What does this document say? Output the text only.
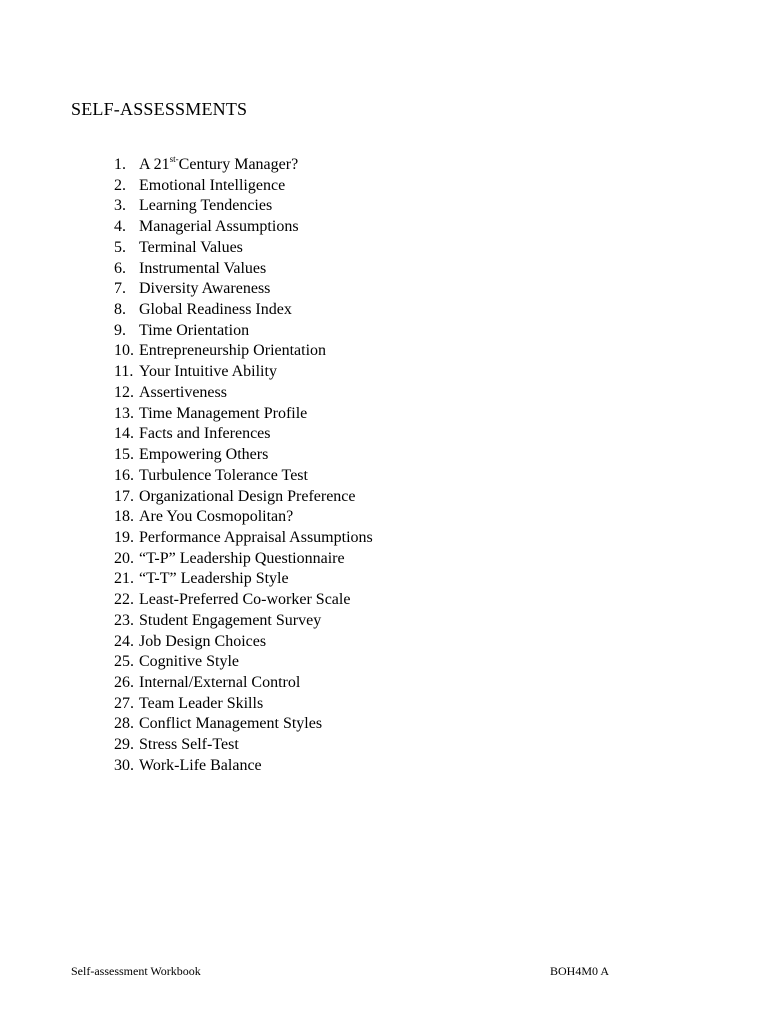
SELF-ASSESSMENTS
1. A $21^{st-}Century$ Manager?
2. Emotional Intelligence
3. Learning Tendencies
4. Managerial Assumptions
5. Terminal Values
6. Instrumental Values
7. Diversity Awareness
8. Global Readiness Index
9. Time Orientation
10. Entrepreneurship Orientation
11. Your Intuitive Ability
12. Assertiveness
13. Time Management Profile
14. Facts and Inferences
15. Empowering Others
16. Turbulence Tolerance Test
17. Organizational Design Preference
18. Are You Cosmopolitan?
19. Performance Appraisal Assumptions
20. “T-P” Leadership Questionnaire
21. “T-T” Leadership Style
22. Least-Preferred Co-worker Scale
23. Student Engagement Survey
24. Job Design Choices
25. Cognitive Style
26. Internal/External Control
27. Team Leader Skills
28. Conflict Management Styles
29. Stress Self-Test
30. Work-Life Balance
Self-assessment Workbook	BOH4M0 A
